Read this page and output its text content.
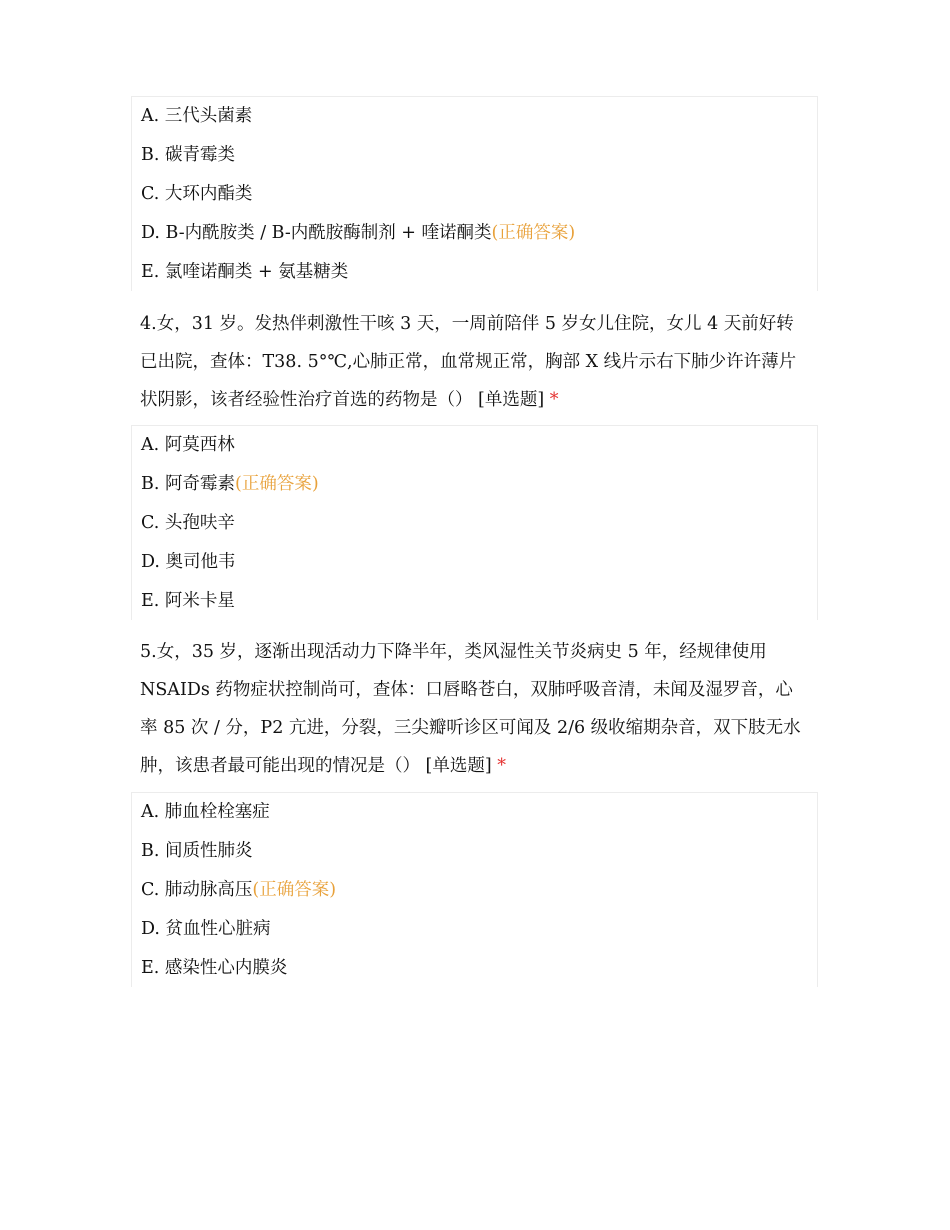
A. 三代头菌素
B. 碳青霉类
C. 大环内酯类
D. B-内酰胺类 / B-内酰胺酶制剂 + 喹诺酮类(正确答案)
E. 氯喹诺酮类 + 氨基糖类
4.女，31 岁。发热伴刺激性干咳 3 天，一周前陪伴 5 岁女儿住院，女儿 4 天前好转已出院，查体：T38. 5°℃,心肺正常，血常规正常，胸部 X 线片示右下肺少许许薄片状阴影，该者经验性治疗首选的药物是（） [单选题] *
A. 阿莫西林
B. 阿奇霉素(正确答案)
C. 头孢呋辛
D. 奥司他韦
E. 阿米卡星
5.女，35 岁，逐渐出现活动力下降半年，类风湿性关节炎病史 5 年，经规律使用 NSAIDs 药物症状控制尚可，查体：口唇略苍白，双肺呼吸音清，未闻及湿罗音，心率 85 次 / 分，P2 亢进，分裂，三尖瓣听诊区可闻及 2/6 级收缩期杂音，双下肢无水肿，该患者最可能出现的情况是（） [单选题] *
A. 肺血栓栓塞症
B. 间质性肺炎
C. 肺动脉高压(正确答案)
D. 贫血性心脏病
E. 感染性心内膜炎
